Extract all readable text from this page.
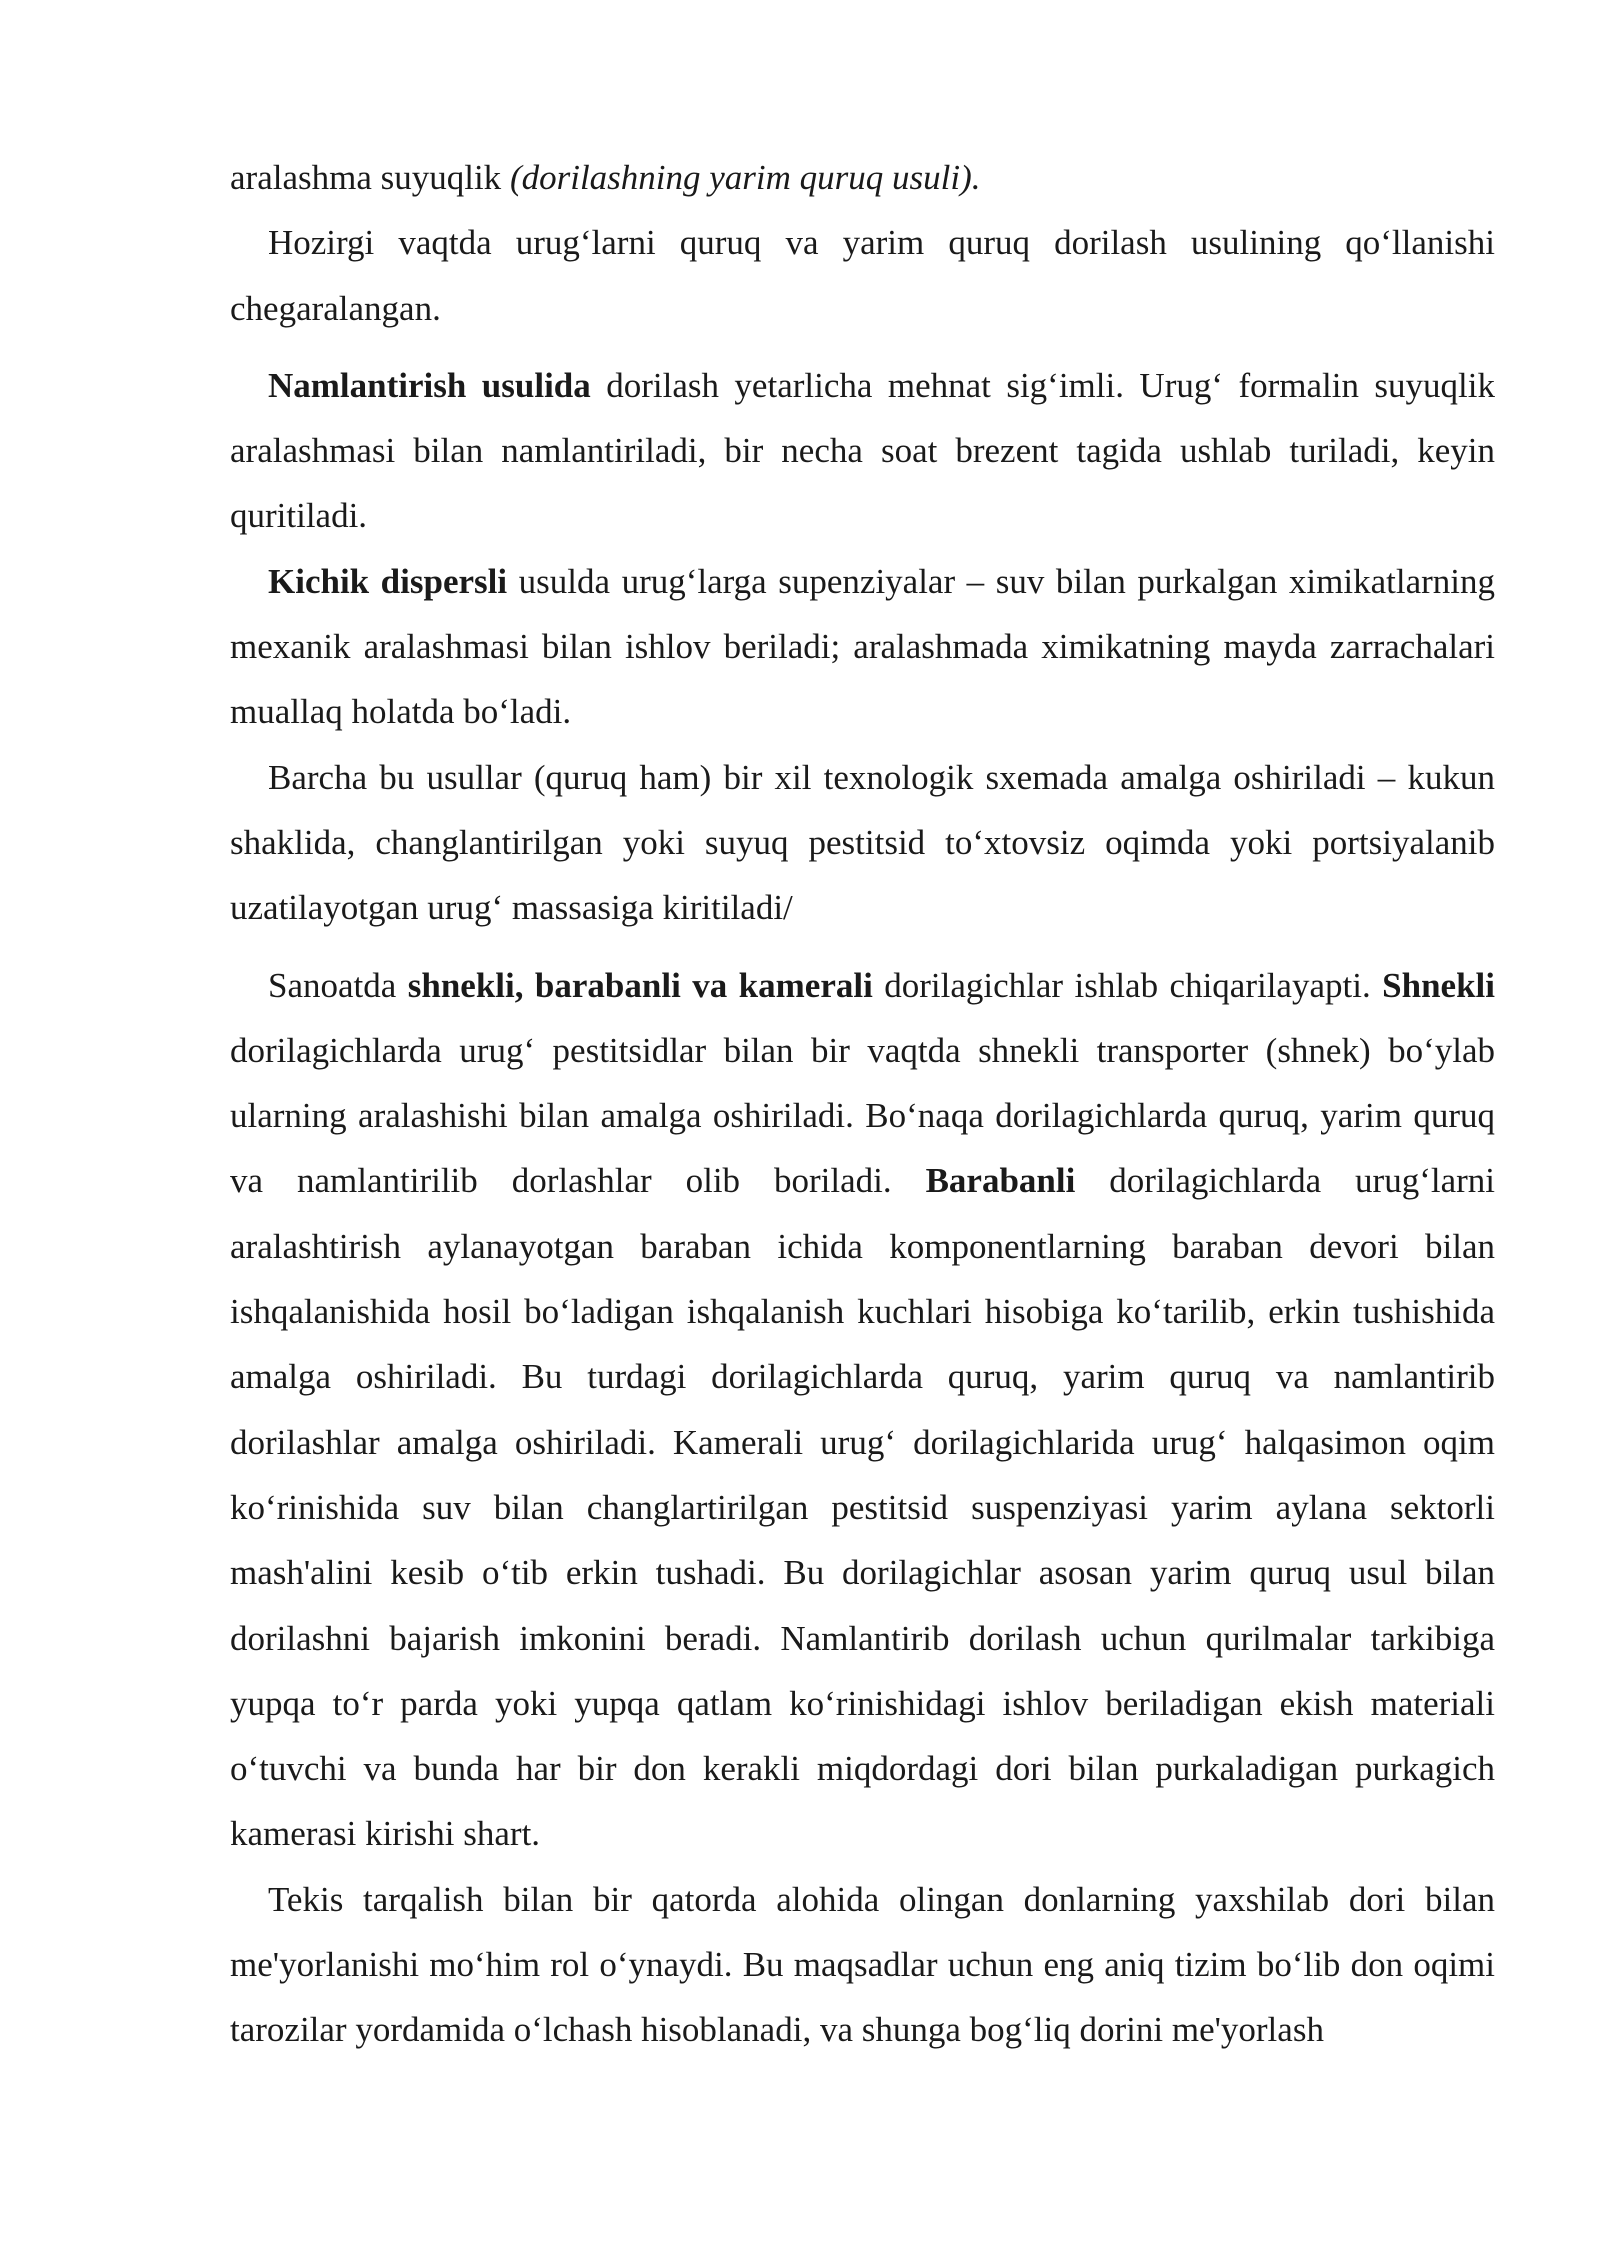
aralashma suyuqlik (dorilashning yarim quruq usuli).

Hozirgi vaqtda urug‘larni quruq va yarim quruq dorilash usulining qo‘llanishi chegaralangan.

Namlantirish usulida dorilash yetarlicha mehnat sig‘imli. Urug‘ formalin suyuqlik aralashmasi bilan namlantiriladi, bir necha soat brezent tagida ushlab turiladi, keyin quritiladi.

Kichik dispersli usulda urug‘larga supenziyalar – suv bilan purkalgan ximikatlarning mexanik aralashmasi bilan ishlov beriladi; aralashmada ximikatning mayda zarrachalari muallaq holatda bo‘ladi.

Barcha bu usullar (quruq ham) bir xil texnologik sxemada amalga oshiriladi – kukun shaklida, changlantirilgan yoki suyuq pestitsid to‘xtovsiz oqimda yoki portsiyalanib uzatilayotgan urug‘ massasiga kiritiladi/

Sanoatda shnekli, barabanli va kamerali dorilagichlar ishlab chiqarilayapti. Shnekli dorilagichlarda urug‘ pestitsidlar bilan bir vaqtda shnekli transporter (shnek) bo‘ylab ularning aralashishi bilan amalga oshiriladi. Bo‘naqa dorilagichlarda quruq, yarim quruq va namlantirilib dorlashlar olib boriladi. Barabanli dorilagichlarda urug‘larni aralashtirish aylanayotgan baraban ichida komponentlarning baraban devori bilan ishqalanishida hosil bo‘ladigan ishqalanish kuchlari hisobiga ko‘tarilib, erkin tushishida amalga oshiriladi. Bu turdagi dorilagichlarda quruq, yarim quruq va namlantirib dorilashlar amalga oshiriladi. Kamerali urug‘ dorilagichlarida urug‘ halqasimon oqim ko‘rinishida suv bilan changlartirilgan pestitsid suspenziyasi yarim aylana sektorli mash'alini kesib o‘tib erkin tushadi. Bu dorilagichlar asosan yarim quruq usul bilan dorilashni bajarish imkonini beradi. Namlantirib dorilash uchun qurilmalar tarkibiga yupqa to‘r parda yoki yupqa qatlam ko‘rinishidagi ishlov beriladigan ekish materiali o‘tuvchi va bunda har bir don kerakli miqdordagi dori bilan purkaladigan purkagich kamerasi kirishi shart.

Tekis tarqalish bilan bir qatorda alohida olingan donlarning yaxshilab dori bilan me'yorlanishi mo‘him rol o‘ynaydi. Bu maqsadlar uchun eng aniq tizim bo‘lib don oqimi tarozilar yordamida o‘lchash hisoblanadi, va shunga bog‘liq dorini me'yorlash
